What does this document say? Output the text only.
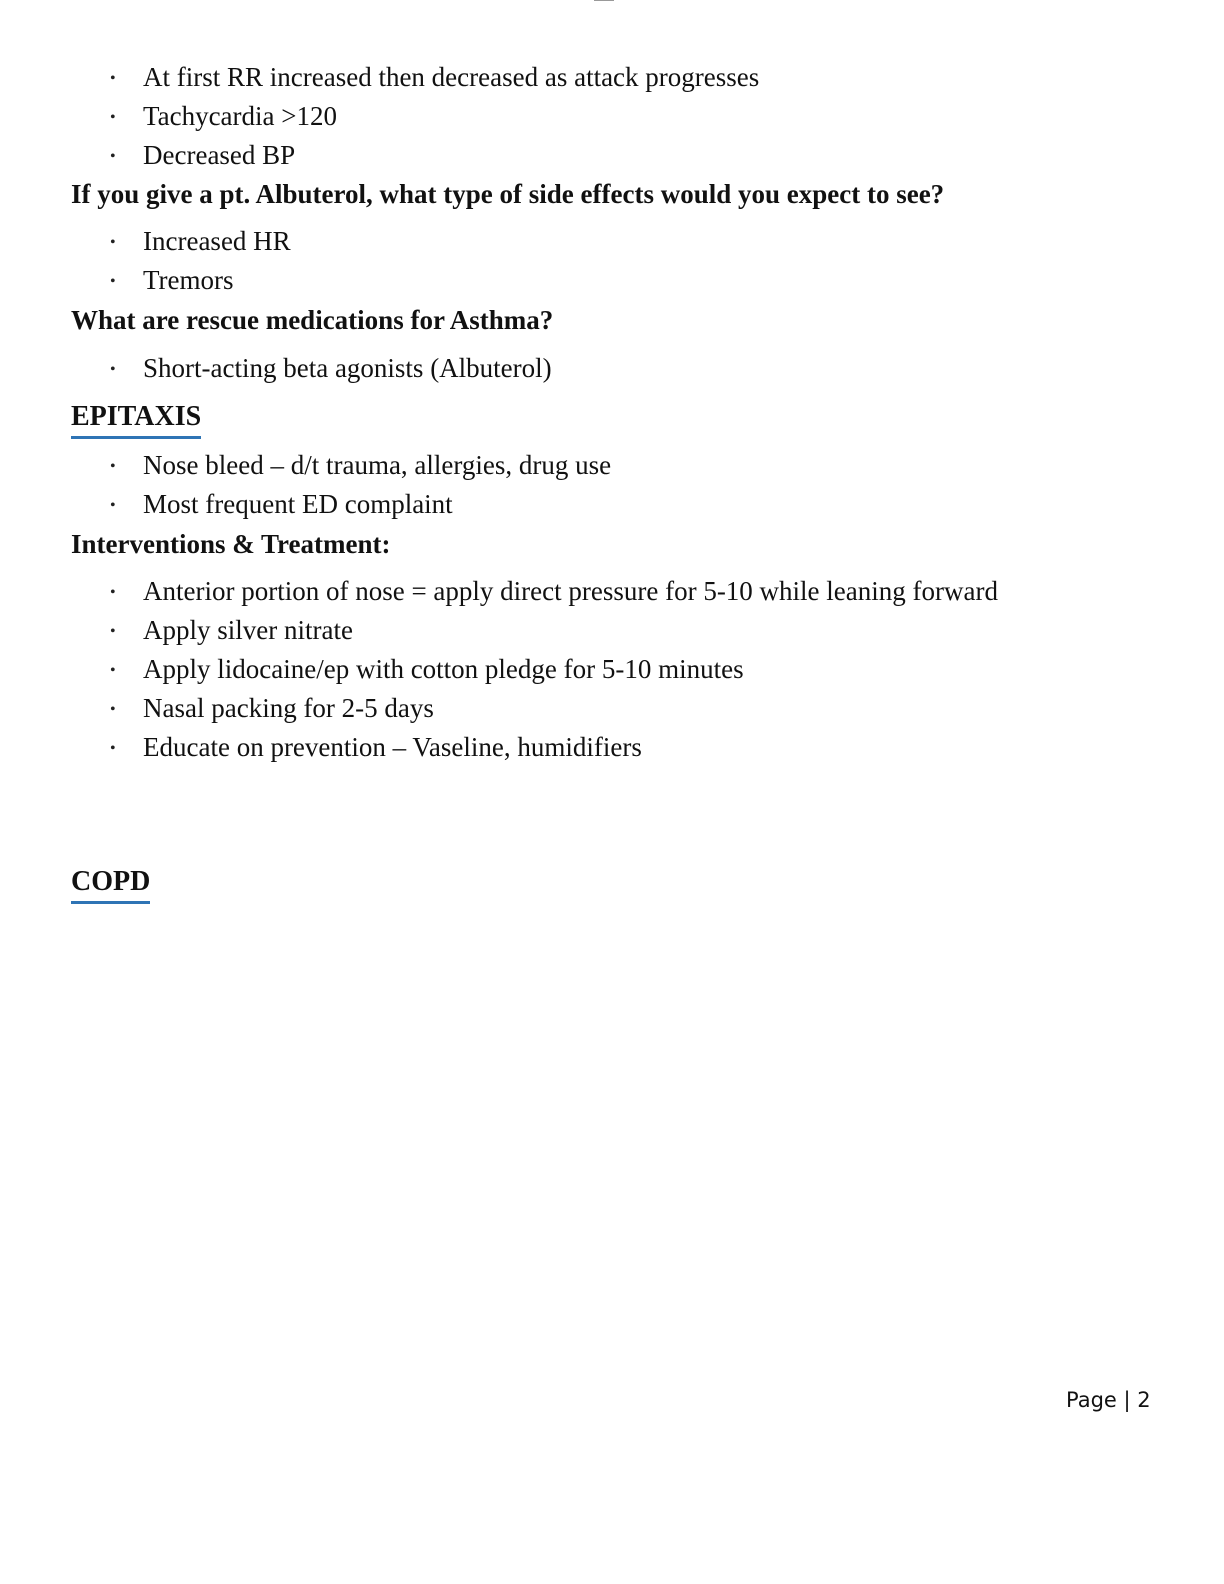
• At first RR increased then decreased as attack progresses
• Tachycardia >120
• Decreased BP
If you give a pt. Albuterol, what type of side effects would you expect to see?
• Increased HR
• Tremors
What are rescue medications for Asthma?
• Short-acting beta agonists (Albuterol)
EPITAXIS
• Nose bleed – d/t trauma, allergies, drug use
• Most frequent ED complaint
Interventions & Treatment:
• Anterior portion of nose = apply direct pressure for 5-10 while leaning forward
• Apply silver nitrate
• Apply lidocaine/ep with cotton pledge for 5-10 minutes
• Nasal packing for 2-5 days
• Educate on prevention – Vaseline, humidifiers
COPD
Page | 2
